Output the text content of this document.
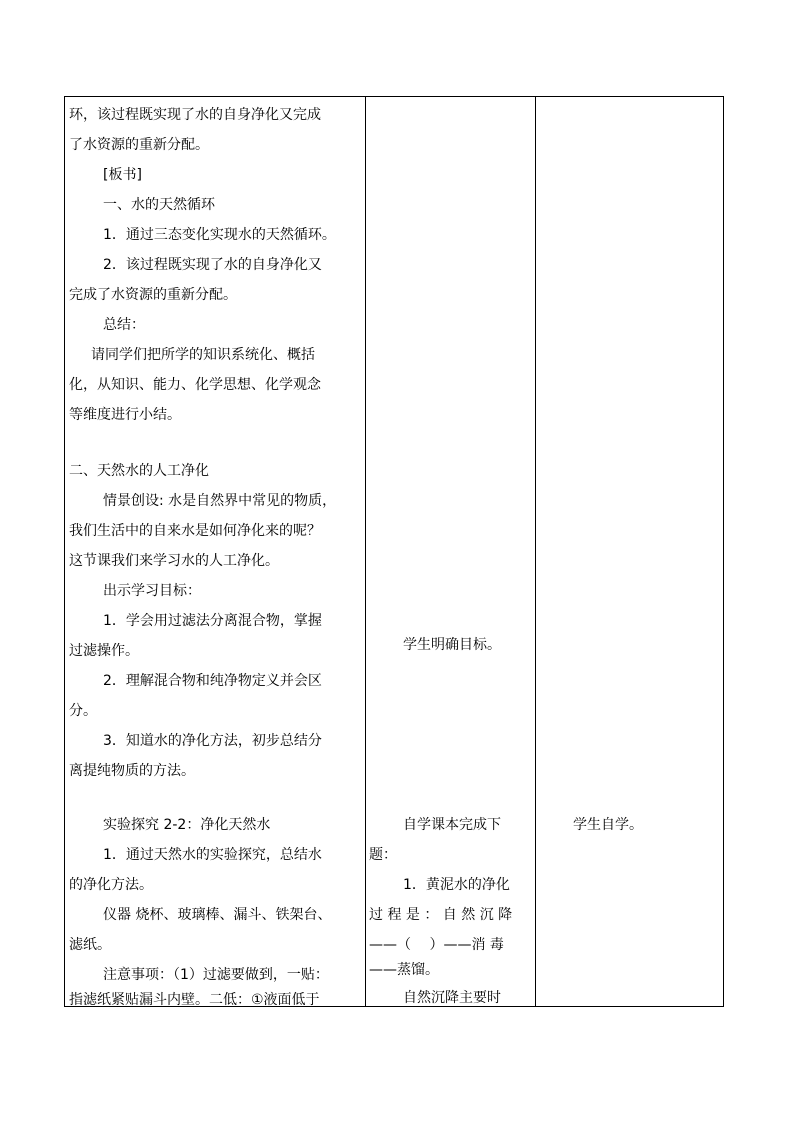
环，该过程既实现了水的自身净化又完成
了水资源的重新分配。
[板书]
一、水的天然循环
1．通过三态变化实现水的天然循环。
2．该过程既实现了水的自身净化又
完成了水资源的重新分配。
总结：
请同学们把所学的知识系统化、概括
化，从知识、能力、化学思想、化学观念
等维度进行小结。
二、天然水的人工净化
情景创设: 水是自然界中常见的物质，
我们生活中的自来水是如何净化来的呢？
这节课我们来学习水的人工净化。
出示学习目标：
1．学会用过滤法分离混合物，掌握
过滤操作。
2．理解混合物和纯净物定义并会区
分。
3．知道水的净化方法，初步总结分
离提纯物质的方法。
实验探究 2-2：净化天然水
1．通过天然水的实验探究，总结水
的净化方法。
仪器 烧杯、玻璃棒、漏斗、铁架台、
滤纸。
注意事项：（1）过滤要做到，一贴：
指滤纸紧贴漏斗内壁。二低：①液面低于
学生明确目标。
自学课本完成下
题：
1．黄泥水的净化
过 程 是 ： 自 然 沉 降
——（　 ）——消 毒
——蒸馏。
自然沉降主要时
学生自学。
